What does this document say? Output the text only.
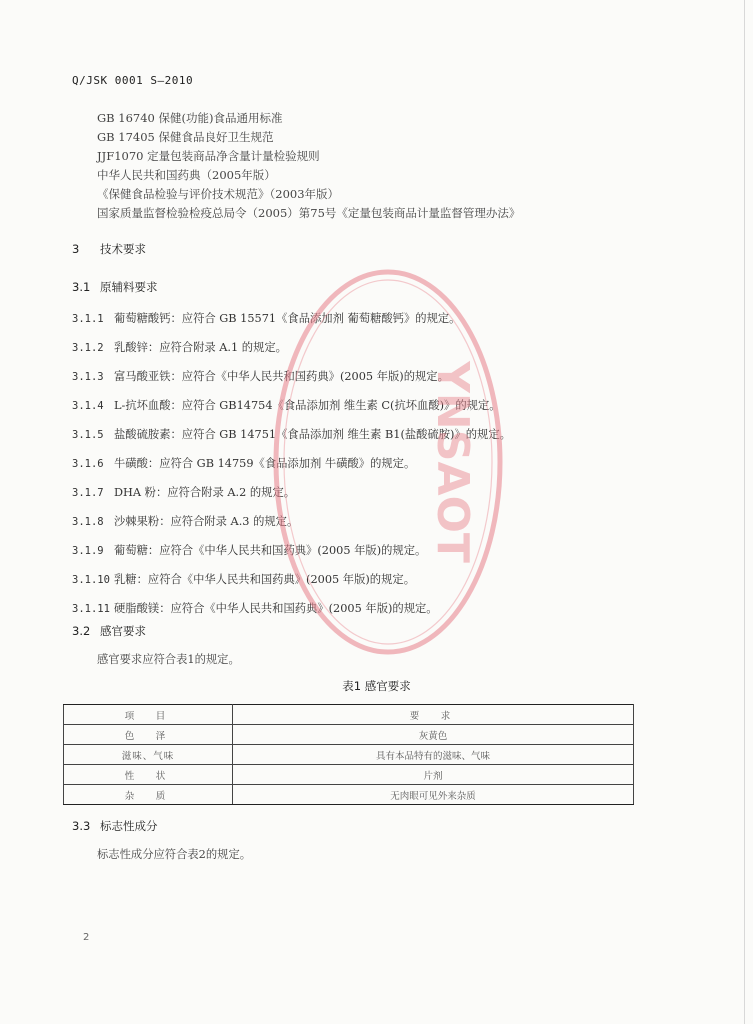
Q/JSK 0001 S—2010
GB 16740 保健(功能)食品通用标准
GB 17405 保健食品良好卫生规范
JJF1070 定量包装商品净含量计量检验规则
中华人民共和国药典（2005年版）
《保健食品检验与评价技术规范》（2003年版）
国家质量监督检验检疫总局令（2005）第75号《定量包装商品计量监督管理办法》
3 技术要求
3.1 原辅料要求
3.1.1 葡萄糖酸钙：应符合 GB 15571《食品添加剂 葡萄糖酸钙》的规定。
3.1.2 乳酸锌：应符合附录 A.1 的规定。
3.1.3 富马酸亚铁：应符合《中华人民共和国药典》(2005 年版)的规定。
3.1.4 L-抗坏血酸：应符合 GB14754《食品添加剂 维生素 C(抗坏血酸)》的规定。
3.1.5 盐酸硫胺素：应符合 GB 14751《食品添加剂 维生素 B1(盐酸硫胺)》的规定。
3.1.6 牛磺酸：应符合 GB 14759《食品添加剂 牛磺酸》的规定。
3.1.7 DHA 粉：应符合附录 A.2 的规定。
3.1.8 沙棘果粉：应符合附录 A.3 的规定。
3.1.9 葡萄糖：应符合《中华人民共和国药典》(2005 年版)的规定。
3.1.10 乳糖：应符合《中华人民共和国药典》(2005 年版)的规定。
3.1.11 硬脂酸镁：应符合《中华人民共和国药典》(2005 年版)的规定。
3.2 感官要求
感官要求应符合表1的规定。
表1 感官要求
项　目	要　求
色　泽	灰黄色
滋味、气味	具有本品特有的滋味、气味
性　状	片剂
杂　质	无肉眼可见外来杂质
3.3 标志性成分
标志性成分应符合表2的规定。
2
YNSAOT
